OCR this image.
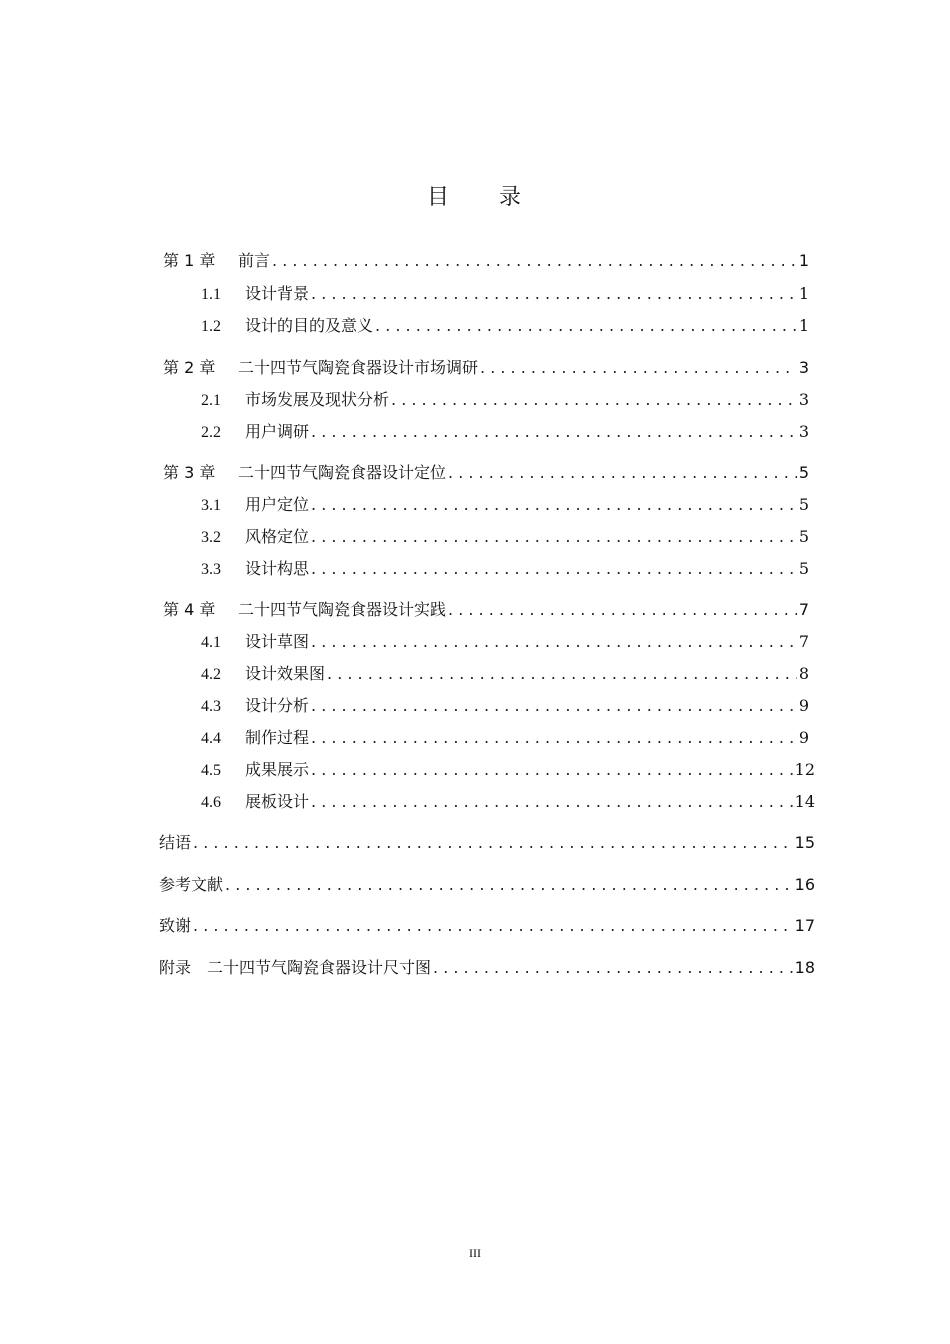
目 录
第 1 章	前言 . . .	1
1.1	设计背景 . . .	1
1.2	设计的目的及意义 . . .	1
第 2 章	二十四节气陶瓷食器设计市场调研 . . .	3
2.1	市场发展及现状分析 . . .	3
2.2	用户调研 . . .	3
第 3 章	二十四节气陶瓷食器设计定位 . . .	5
3.1	用户定位 . . .	5
3.2	风格定位 . . .	5
3.3	设计构思 . . .	5
第 4 章	二十四节气陶瓷食器设计实践 . . .	7
4.1	设计草图 . . .	7
4.2	设计效果图 . . .	8
4.3	设计分析 . . .	9
4.4	制作过程 . . .	9
4.5	成果展示 . . .	12
4.6	展板设计 . . .	14
结语 . . .	15
参考文献 . . .	16
致谢 . . .	17
附录　二十四节气陶瓷食器设计尺寸图 . . .	18
III
